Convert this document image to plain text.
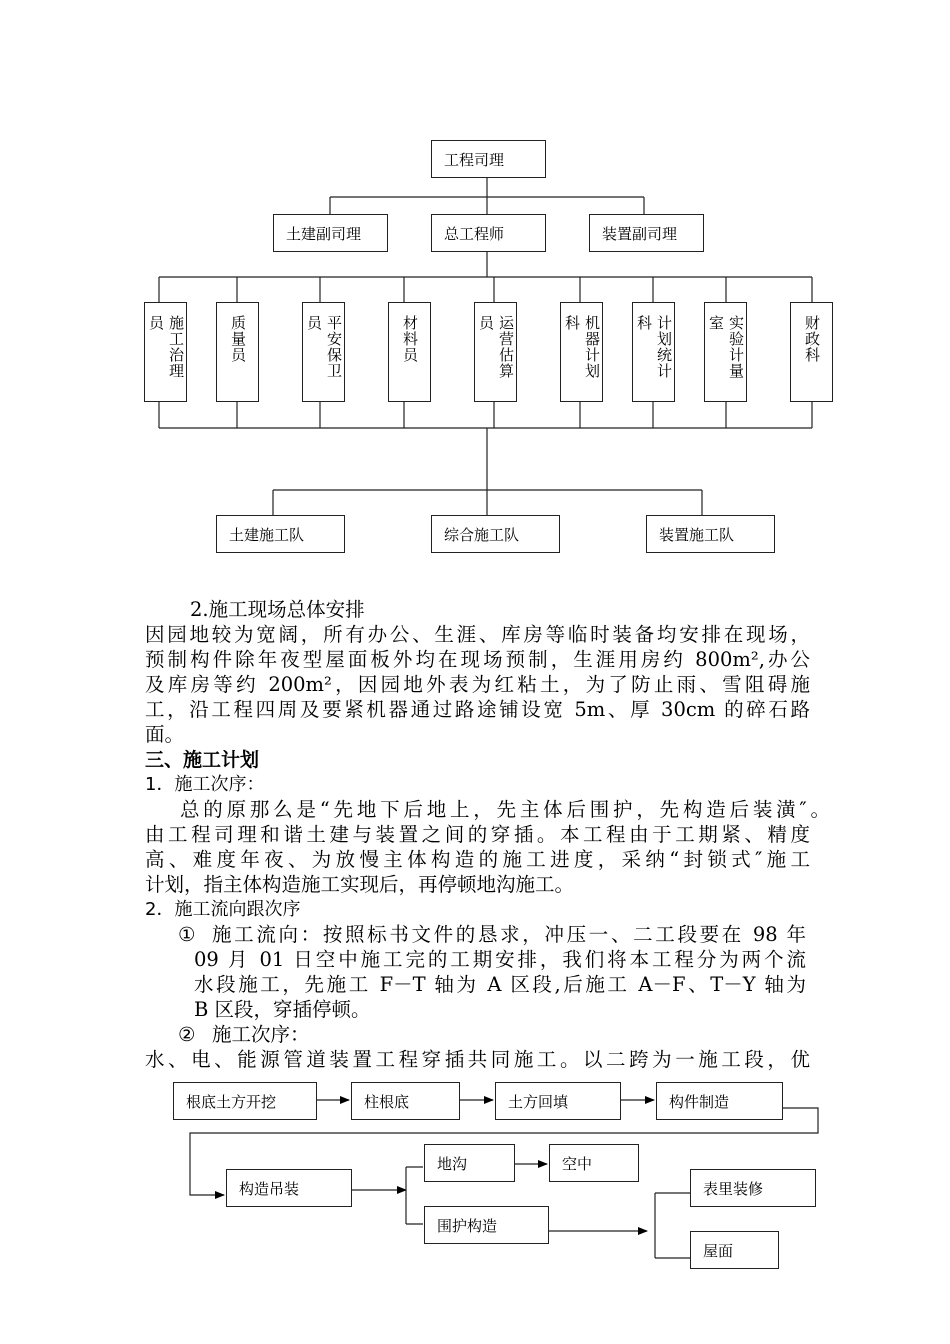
工程司理
土建副司理	总工程师	装置副司理
施工治理
员	质量员	平安保卫
员	材料员	运营估算
员	机器计划
科	计划统计
科	实验计量
室	财政科
土建施工队	综合施工队	装置施工队
2.施工现场总体安排
因园地较为宽阔，所有办公、生涯、库房等临时装备均安排在现场，
预制构件除年夜型屋面板外均在现场预制，生涯用房约 800m²,办公
及库房等约 200m²，因园地外表为红粘土，为了防止雨、雪阻碍施
工，沿工程四周及要紧机器通过路途铺设宽 5m、厚 30cm 的碎石路
面。
三、施工计划
1．施工次序：
总的原那么是“先地下后地上，先主体后围护，先构造后装潢″。
由工程司理和谐土建与装置之间的穿插。本工程由于工期紧、精度
高、难度年夜、为放慢主体构造的施工进度，采纳“封锁式″施工
计划，指主体构造施工实现后，再停顿地沟施工。
2．施工流向跟次序
① 施工流向：按照标书文件的恳求，冲压一、二工段要在 98 年
09 月 01 日空中施工完的工期安排，我们将本工程分为两个流
水段施工，先施工 F－T 轴为 A 区段,后施工 A－F、T－Y 轴为
B 区段，穿插停顿。
② 施工次序：
水、电、能源管道装置工程穿插共同施工。以二跨为一施工段，优
根底土方开挖	柱根底	土方回填	构件制造
构造吊装
地沟	空中
围护构造
表里装修
屋面
